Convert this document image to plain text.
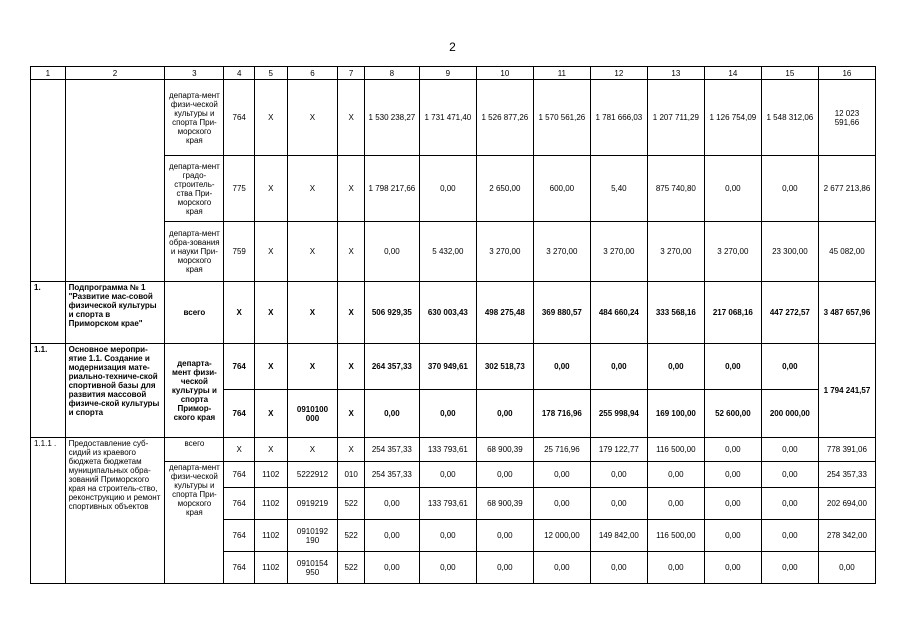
2
1	2	3	4	5	6	7	8	9	10	11	12	13	14	15	16
		департа-мент физи-ческой культуры и спорта При-морского края	764	Х	Х	Х	1 530 238,27	1 731 471,40	1 526 877,26	1 570 561,26	1 781 666,03	1 207 711,29	1 126 754,09	1 548 312,06	12 023 591,66
		департа-мент градо-строитель-ства При-морского края	775	Х	Х	Х	1 798 217,66	0,00	2 650,00	600,00	5,40	875 740,80	0,00	0,00	2 677 213,86
		департа-мент обра-зования и науки При-морского края	759	Х	Х	Х	0,00	5 432,00	3 270,00	3 270,00	3 270,00	3 270,00	3 270,00	23 300,00	45 082,00
1.	Подпрограмма № 1 "Развитие мас-совой физической культуры и спорта в Приморском крае"	всего	Х	Х	Х	Х	506 929,35	630 003,43	498 275,48	369 880,57	484 660,24	333 568,16	217 068,16	447 272,57	3 487 657,96
1.1.	Основное меропри-ятие 1.1. Создание и модернизация мате-риально-техниче-ской спортивной базы для развития массовой физиче-ской культуры и спорта	департа-мент физи-ческой культуры и спорта Примор-ского края	764	Х	Х	Х	264 357,33	370 949,61	302 518,73	0,00	0,00	0,00	0,00	0,00	1 794 241,57
			764	Х	0910100 000	Х	0,00	0,00	0,00	178 716,96	255 998,94	169 100,00	52 600,00	200 000,00	
1.1.1 .	Предоставление суб-сидий из краевого бюджета бюджетам муниципальных обра-зований Приморского края на строитель-ство, реконструкцию и ремонт спортивных объектов	всего	Х	Х	Х	Х	254 357,33	133 793,61	68 900,39	25 716,96	179 122,77	116 500,00	0,00	0,00	778 391,06
		департа-мент физи-ческой культуры и спорта При-морского края	764	1102	5222912	010	254 357,33	0,00	0,00	0,00	0,00	0,00	0,00	0,00	254 357,33
			764	1102	0919219	522	0,00	133 793,61	68 900,39	0,00	0,00	0,00	0,00	0,00	202 694,00
			764	1102	0910192 190	522	0,00	0,00	0,00	12 000,00	149 842,00	116 500,00	0,00	0,00	278 342,00
			764	1102	0910154 950	522	0,00	0,00	0,00	0,00	0,00	0,00	0,00	0,00	0,00
